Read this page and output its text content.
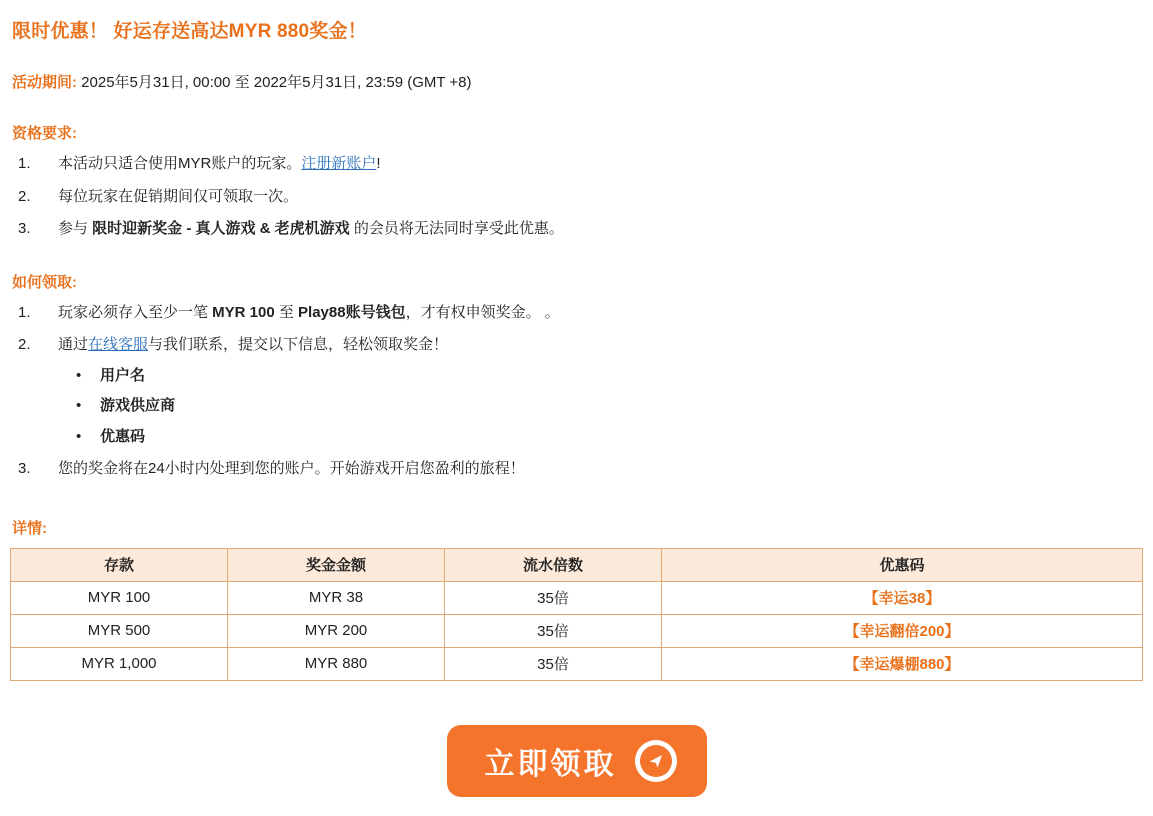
限时优惠！ 好运存送高达MYR 880奖金！
活动期间: 2025年5月31日, 00:00 至 2022年5月31日, 23:59 (GMT +8)
资格要求:
1.	本活动只适合使用MYR账户的玩家。注册新账户!
2.	每位玩家在促销期间仅可领取一次。
3.	参与 限时迎新奖金 - 真人游戏 & 老虎机游戏 的会员将无法同时享受此优惠。
如何领取:
1.	玩家必须存入至少一笔 MYR 100 至 Play88账号钱包，才有权申领奖金。 。
2.	通过在线客服与我们联系，提交以下信息，轻松领取奖金！
• 用户名
• 游戏供应商
• 优惠码
3.	您的奖金将在24小时内处理到您的账户。开始游戏开启您盈利的旅程！
详情:
存款	奖金金额	流水倍数	优惠码
MYR 100	MYR 38	35倍	【幸运38】
MYR 500	MYR 200	35倍	【幸运翻倍200】
MYR 1,000	MYR 880	35倍	【幸运爆棚880】
立即领取
